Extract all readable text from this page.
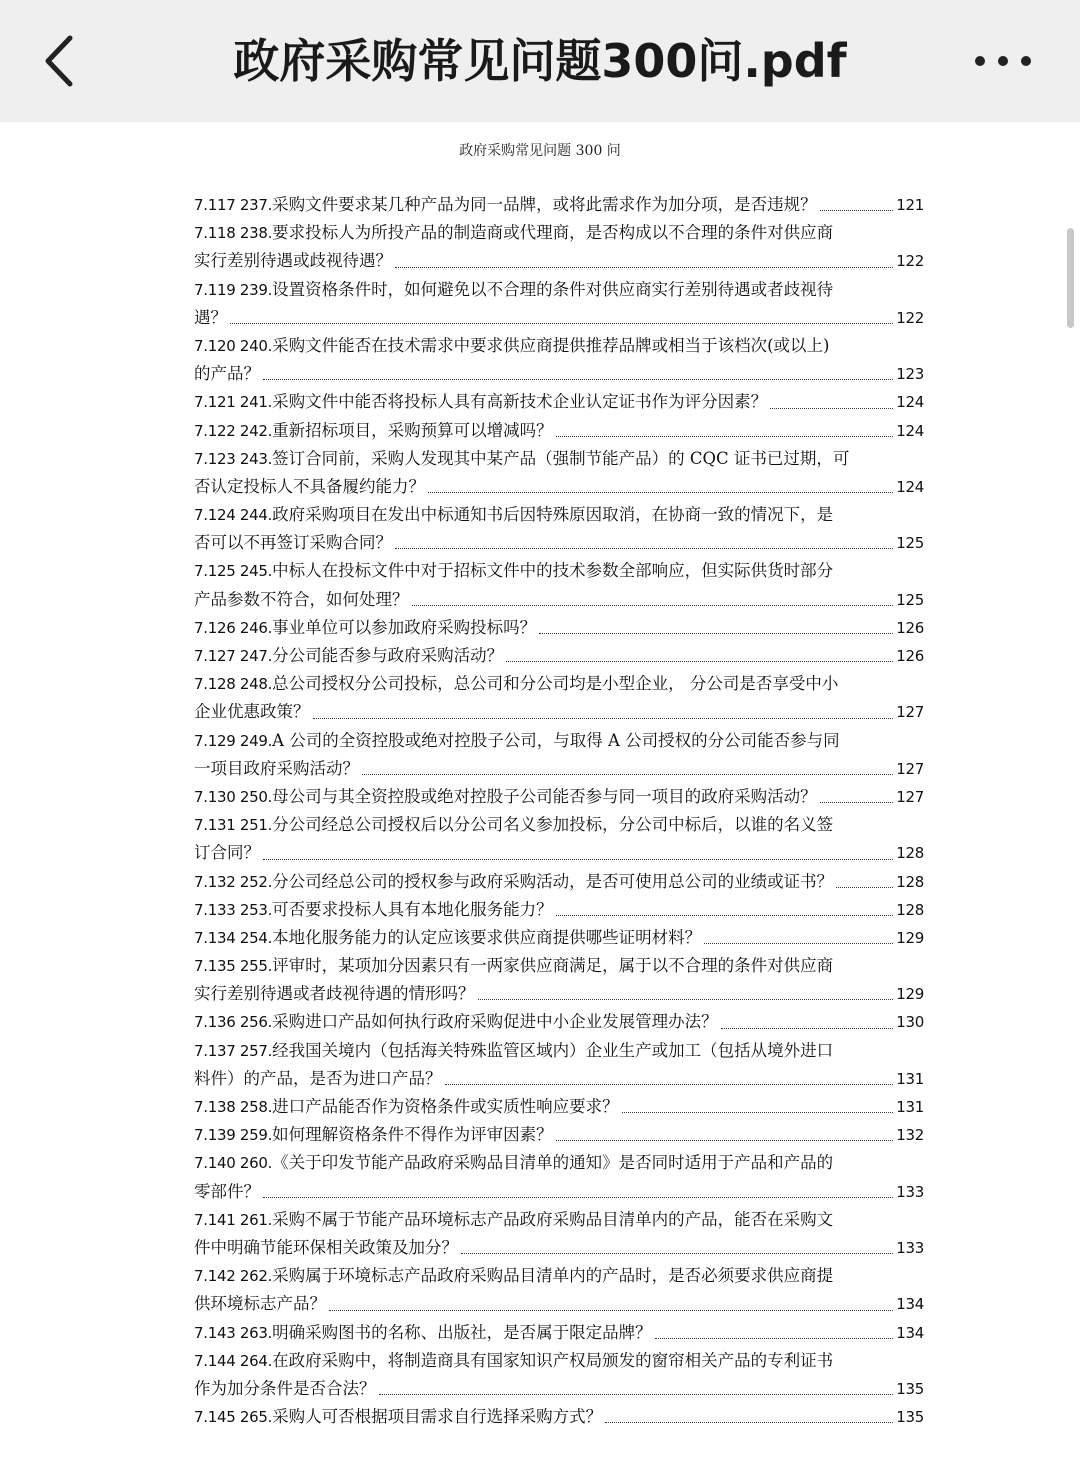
政府采购常见问题300问.pdf
政府采购常见问题 300 问
7.117 237. 采购文件要求某几种产品为同一品牌，或将此需求作为加分项，是否违规？	121
7.118 238. 要求投标人为所投产品的制造商或代理商，是否构成以不合理的条件对供应商
实行差别待遇或歧视待遇？	122
7.119 239. 设置资格条件时，如何避免以不合理的条件对供应商实行差别待遇或者歧视待
遇？	122
7.120 240. 采购文件能否在技术需求中要求供应商提供推荐品牌或相当于该档次(或以上)
的产品？	123
7.121 241. 采购文件中能否将投标人具有高新技术企业认定证书作为评分因素？	124
7.122 242. 重新招标项目，采购预算可以增减吗？	124
7.123 243. 签订合同前，采购人发现其中某产品（强制节能产品）的 CQC 证书已过期，可
否认定投标人不具备履约能力？	124
7.124 244. 政府采购项目在发出中标通知书后因特殊原因取消，在协商一致的情况下，是
否可以不再签订采购合同？	125
7.125 245. 中标人在投标文件中对于招标文件中的技术参数全部响应，但实际供货时部分
产品参数不符合，如何处理？	125
7.126 246. 事业单位可以参加政府采购投标吗？	126
7.127 247. 分公司能否参与政府采购活动？	126
7.128 248. 总公司授权分公司投标，总公司和分公司均是小型企业， 分公司是否享受中小
企业优惠政策？	127
7.129 249. A 公司的全资控股或绝对控股子公司，与取得 A 公司授权的分公司能否参与同
一项目政府采购活动？	127
7.130 250. 母公司与其全资控股或绝对控股子公司能否参与同一项目的政府采购活动？	127
7.131 251. 分公司经总公司授权后以分公司名义参加投标，分公司中标后，以谁的名义签
订合同？	128
7.132 252. 分公司经总公司的授权参与政府采购活动，是否可使用总公司的业绩或证书？	128
7.133 253. 可否要求投标人具有本地化服务能力？	128
7.134 254. 本地化服务能力的认定应该要求供应商提供哪些证明材料？	129
7.135 255. 评审时，某项加分因素只有一两家供应商满足，属于以不合理的条件对供应商
实行差别待遇或者歧视待遇的情形吗？	129
7.136 256. 采购进口产品如何执行政府采购促进中小企业发展管理办法？	130
7.137 257. 经我国关境内（包括海关特殊监管区域内）企业生产或加工（包括从境外进口
料件）的产品，是否为进口产品？	131
7.138 258. 进口产品能否作为资格条件或实质性响应要求？	131
7.139 259. 如何理解资格条件不得作为评审因素？	132
7.140 260. 《关于印发节能产品政府采购品目清单的通知》是否同时适用于产品和产品的
零部件？	133
7.141 261. 采购不属于节能产品环境标志产品政府采购品目清单内的产品，能否在采购文
件中明确节能环保相关政策及加分？	133
7.142 262. 采购属于环境标志产品政府采购品目清单内的产品时，是否必须要求供应商提
供环境标志产品？	134
7.143 263. 明确采购图书的名称、出版社，是否属于限定品牌？	134
7.144 264. 在政府采购中，将制造商具有国家知识产权局颁发的窗帘相关产品的专利证书
作为加分条件是否合法？	135
7.145 265. 采购人可否根据项目需求自行选择采购方式？	135
